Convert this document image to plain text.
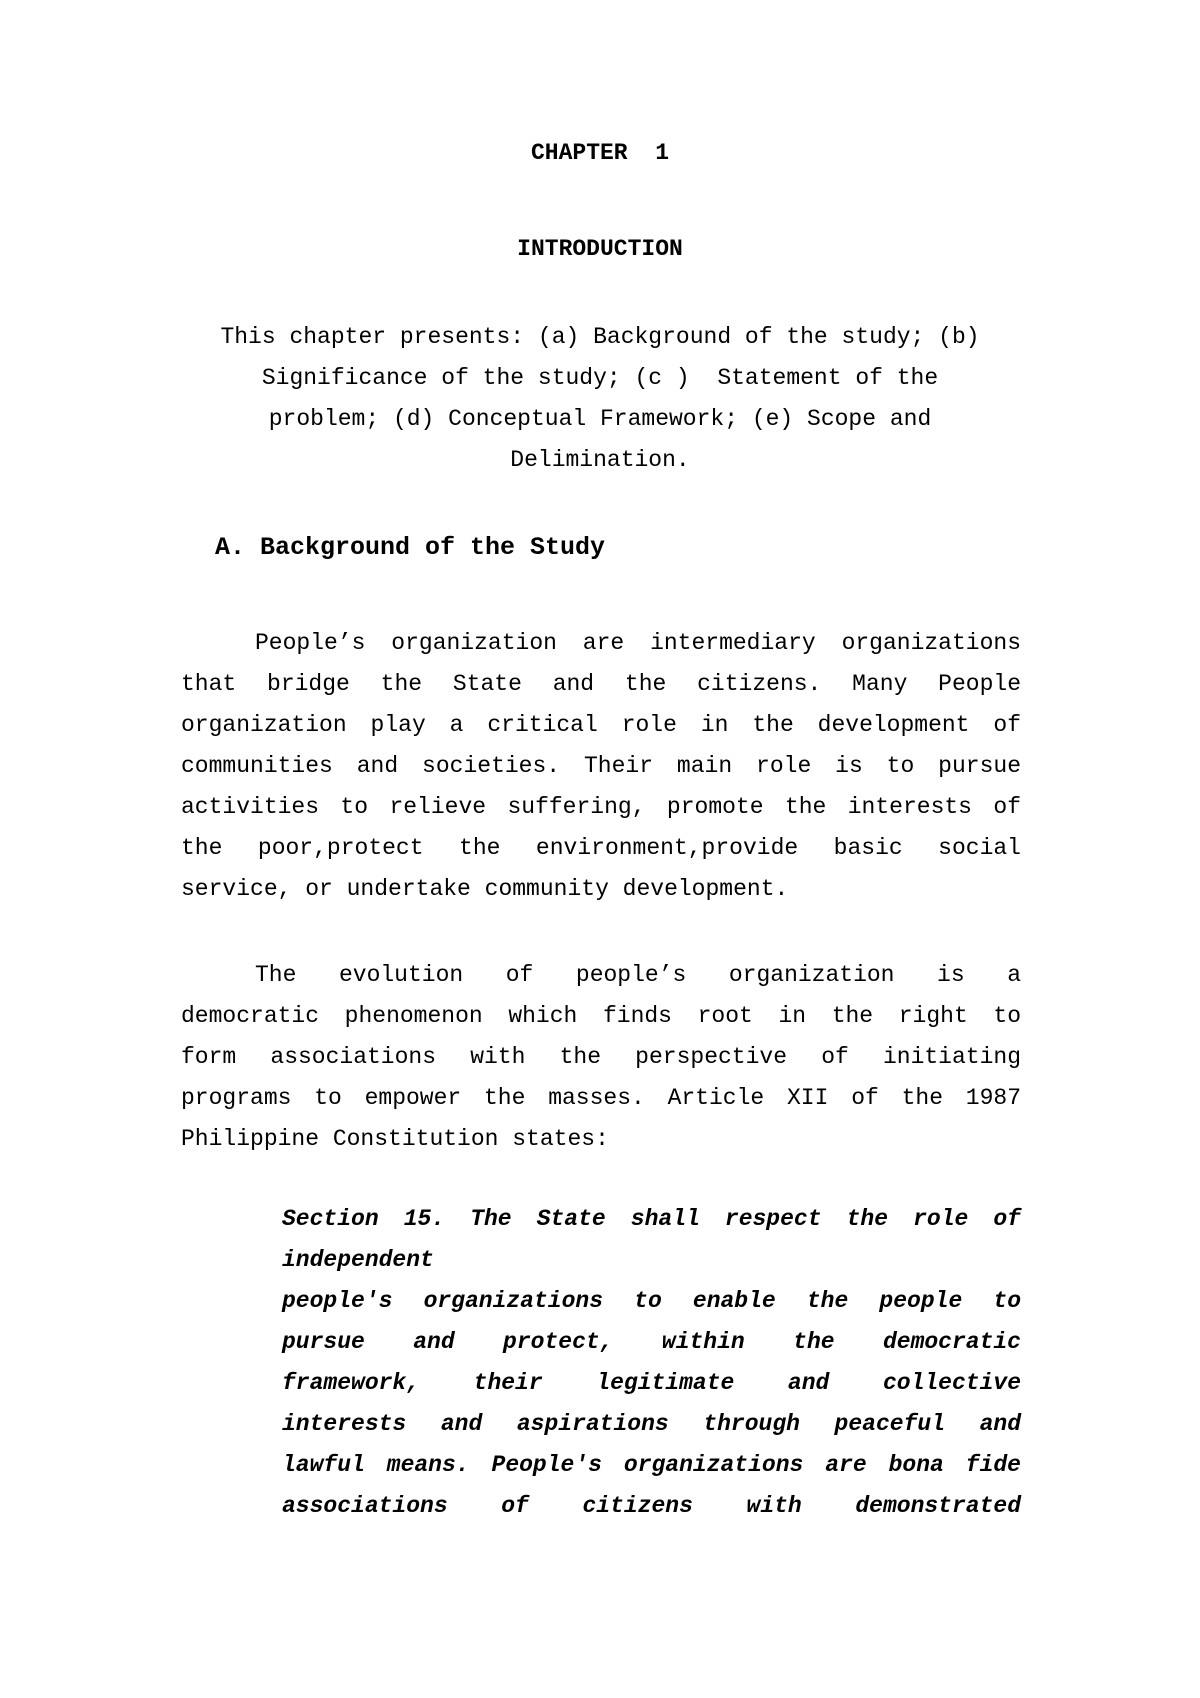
CHAPTER  1
INTRODUCTION

This chapter presents: (a) Background of the study; (b)
Significance of the study; (c )  Statement of the
problem; (d) Conceptual Framework; (e) Scope and
Delimination.

A. Background of the Study

People’s organization are intermediary organizations
that bridge the State and the citizens. Many People
organization play a critical role in the development of
communities and societies. Their main role is to pursue
activities to relieve suffering, promote the interests of
the poor,protect the environment,provide basic social
service, or undertake community development.

The evolution of people’s organization is a
democratic phenomenon which finds root in the right to
form associations with the perspective of initiating
programs to empower the masses. Article XII of the 1987
Philippine Constitution states:

Section 15. The State shall respect the role of
independent
people's organizations to enable the people to
pursue and protect, within the democratic
framework, their legitimate and collective
interests and aspirations through peaceful and
lawful means. People's organizations are bona fide
associations of citizens with demonstrated
